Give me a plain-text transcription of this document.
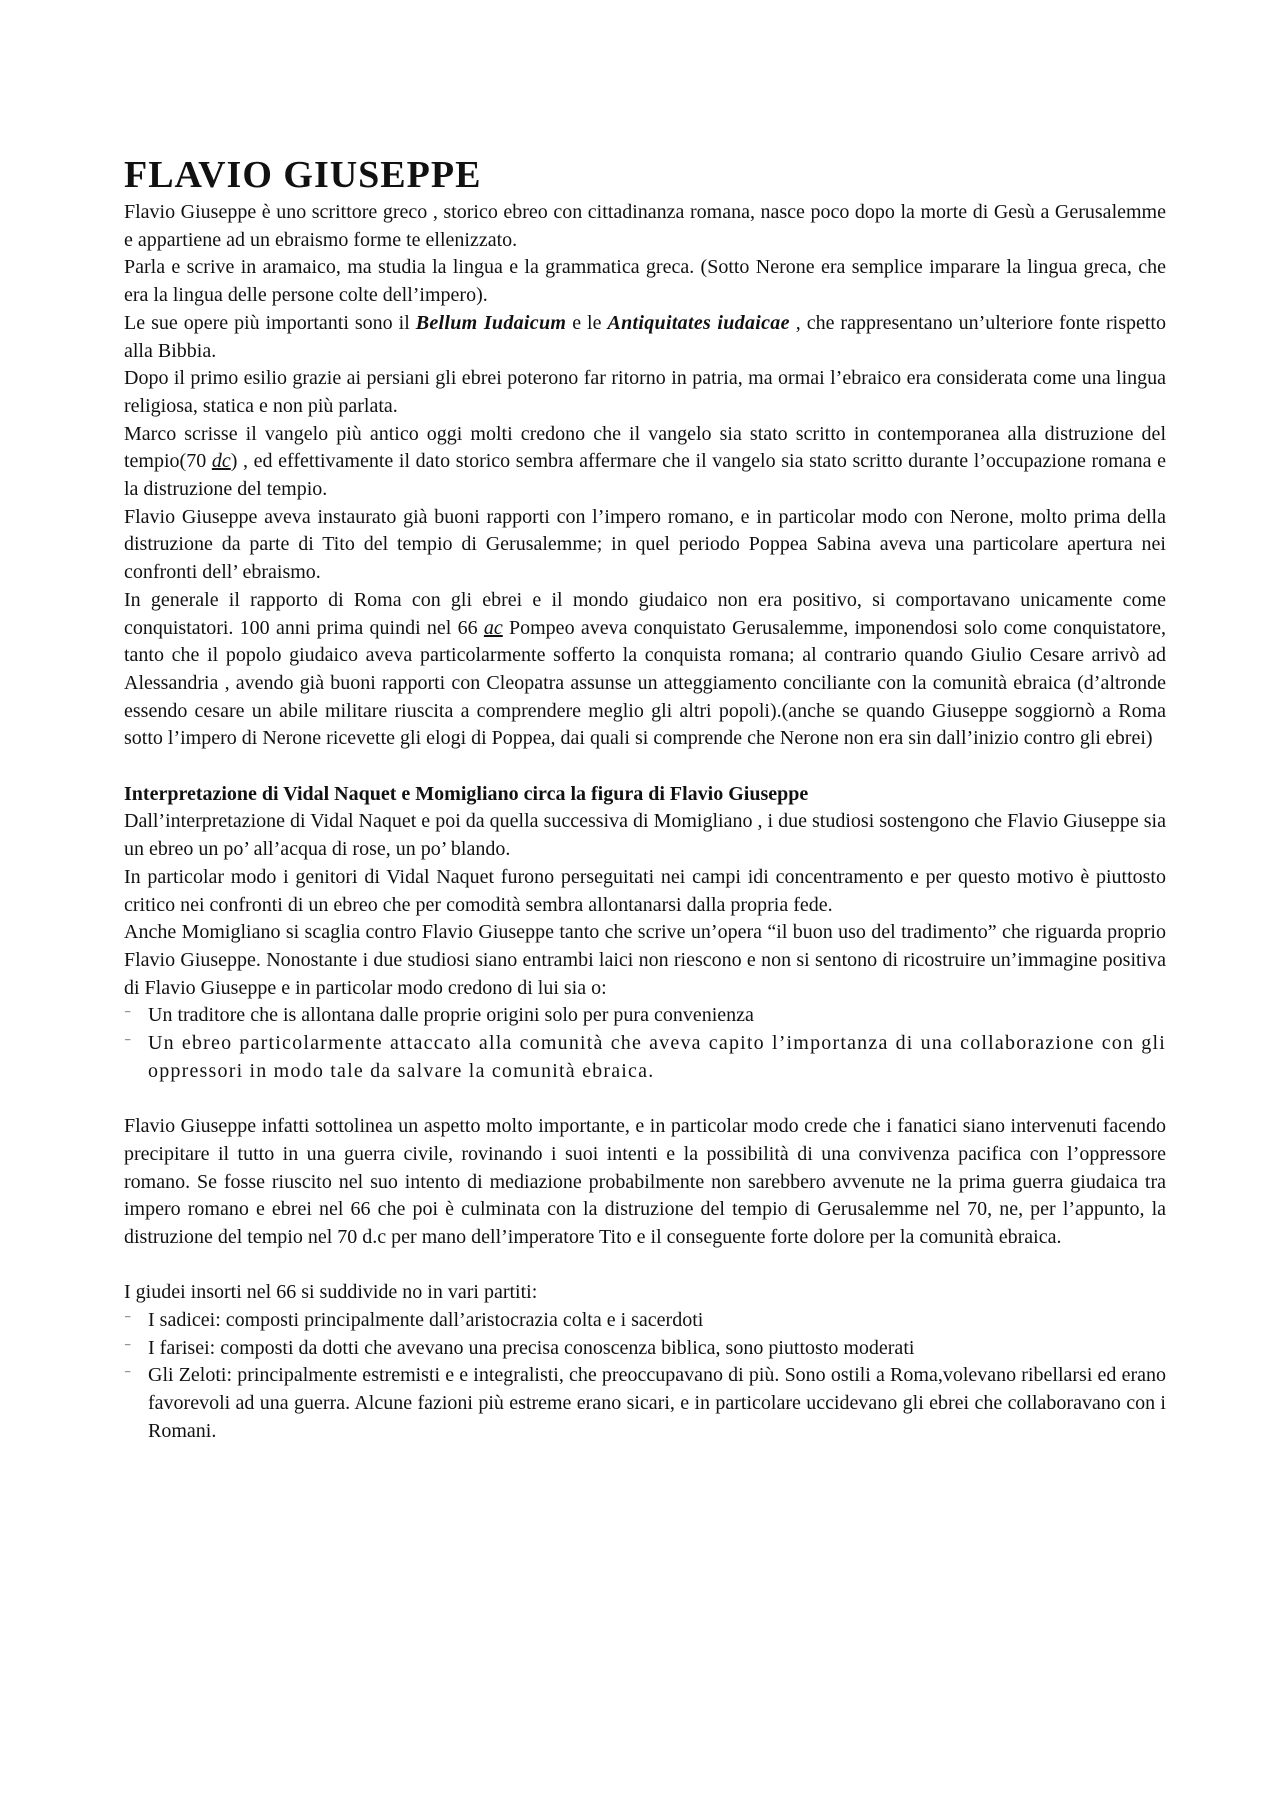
FLAVIO GIUSEPPE

Flavio Giuseppe è uno scrittore greco , storico ebreo con cittadinanza romana, nasce poco dopo la morte di Gesù a Gerusalemme e appartiene ad un ebraismo forme te ellenizzato.

Parla e scrive in aramaico, ma studia la lingua e la grammatica greca. (Sotto Nerone era semplice imparare la lingua greca, che era la lingua delle persone colte dell’impero).

Le sue opere più importanti sono il Bellum Iudaicum e le Antiquitates iudaicae , che rappresentano un’ulteriore fonte rispetto alla Bibbia.

Dopo il primo esilio grazie ai persiani gli ebrei poterono far ritorno in patria, ma ormai l’ebraico era considerata come una lingua religiosa, statica e non più parlata.

Marco scrisse il vangelo più antico oggi molti credono che il vangelo sia stato scritto in contemporanea alla distruzione del tempio(70 dc) , ed effettivamente il dato storico sembra affermare che il vangelo sia stato scritto durante l’occupazione romana e la distruzione del tempio.

Flavio Giuseppe aveva instaurato già buoni rapporti con l’impero romano, e in particolar modo con Nerone, molto prima della distruzione da parte di Tito del tempio di Gerusalemme; in quel periodo Poppea Sabina aveva una particolare apertura nei confronti dell’ ebraismo.

In generale il rapporto di Roma con gli ebrei e il mondo giudaico non era positivo, si comportavano unicamente come conquistatori. 100 anni prima quindi nel 66 ac Pompeo aveva conquistato Gerusalemme, imponendosi solo come conquistatore, tanto che il popolo giudaico aveva particolarmente sofferto la conquista romana; al contrario quando Giulio Cesare arrivò ad Alessandria , avendo già buoni rapporti con Cleopatra assunse un atteggiamento conciliante con la comunità ebraica (d’altronde essendo cesare un abile militare riuscita a comprendere meglio gli altri popoli).(anche se quando Giuseppe soggiornò a Roma sotto l’impero di Nerone ricevette gli elogi di Poppea, dai quali si comprende che Nerone non era sin dall’inizio contro gli ebrei)

Interpretazione di Vidal Naquet e Momigliano circa la figura di Flavio Giuseppe

Dall’interpretazione di Vidal Naquet e poi da quella successiva di Momigliano , i due studiosi sostengono che Flavio Giuseppe sia un ebreo un po’ all’acqua di rose, un po’ blando.

In particolar modo i genitori di Vidal Naquet furono perseguitati nei campi idi concentramento e per questo motivo è piuttosto critico nei confronti di un ebreo che per comodità sembra allontanarsi dalla propria fede.

Anche Momigliano si scaglia contro Flavio Giuseppe tanto che scrive un’opera “il buon uso del tradimento” che riguarda proprio Flavio Giuseppe. Nonostante i due studiosi siano entrambi laici non riescono e non si sentono di ricostruire un’immagine positiva di Flavio Giuseppe e in particolar modo credono di lui sia o:

⁻ Un traditore che is allontana dalle proprie origini solo per pura convenienza
⁻ Un ebreo particolarmente attaccato alla comunità che aveva capito l’importanza di una collaborazione con gli oppressori in modo tale da salvare la comunità ebraica.

Flavio Giuseppe infatti sottolinea un aspetto molto importante, e in particolar modo crede che i fanatici siano intervenuti facendo precipitare il tutto in una guerra civile, rovinando i suoi intenti e la possibilità di una convivenza pacifica con l’oppressore romano. Se fosse riuscito nel suo intento di mediazione probabilmente non sarebbero avvenute ne la prima guerra giudaica tra impero romano e ebrei nel 66 che poi è culminata con la distruzione del tempio di Gerusalemme nel 70, ne, per l’appunto, la distruzione del tempio nel 70 d.c per mano dell’imperatore Tito e il conseguente forte dolore per la comunità ebraica.

I giudei insorti nel 66 si suddivide no in vari partiti:

⁻ I sadicei: composti principalmente dall’aristocrazia colta e i sacerdoti
⁻ I farisei: composti da dotti che avevano una precisa conoscenza biblica, sono piuttosto moderati
⁻ Gli Zeloti: principalmente estremisti e e integralisti, che preoccupavano di più. Sono ostili a Roma,volevano ribellarsi ed erano favorevoli ad una guerra. Alcune fazioni più estreme erano sicari, e in particolare uccidevano gli ebrei che collaboravano con i Romani.
